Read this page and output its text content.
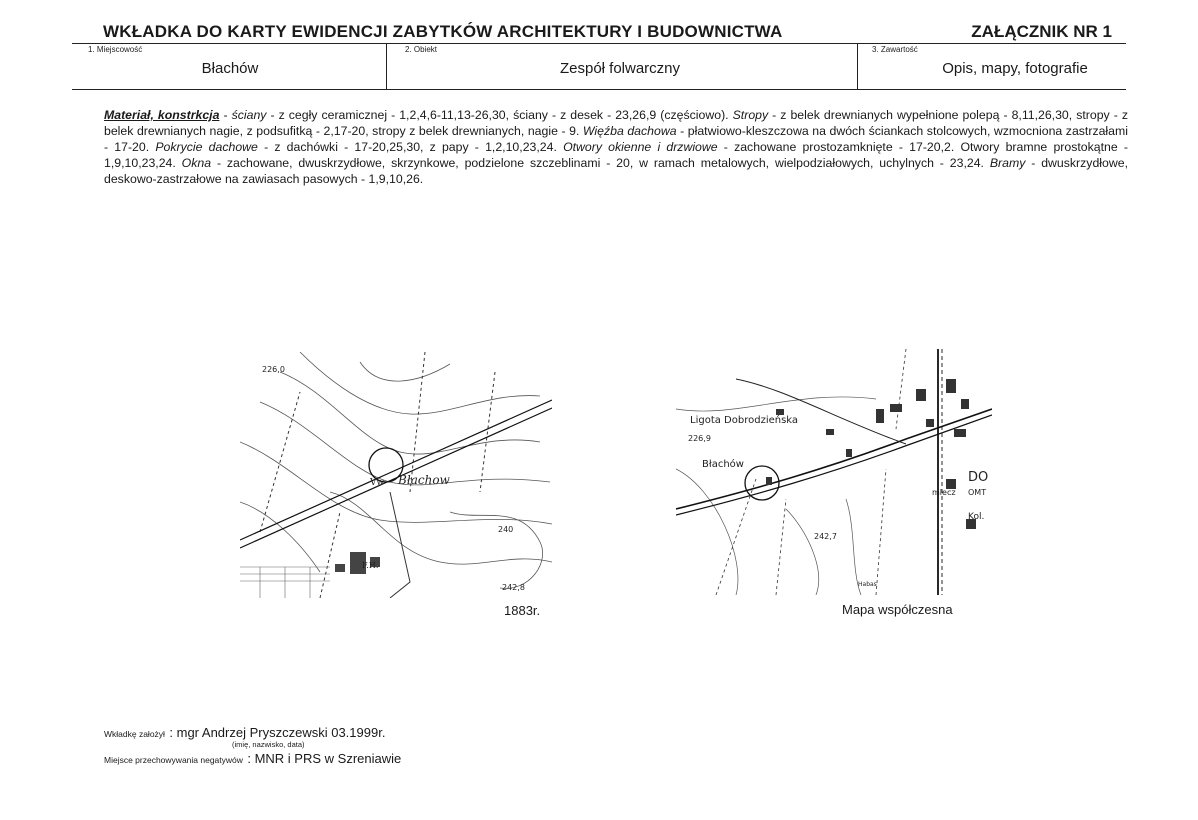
WKŁADKA DO KARTY EWIDENCJI ZABYTKÓW ARCHITEKTURY I BUDOWNICTWA	ZAŁĄCZNIK NR 1
1. Miejscowość
Błachów
2. Obiekt
Zespół folwarczny
3. Zawartość
Opis, mapy, fotografie
Materiał, konstrkcja - ściany - z cegły ceramicznej - 1,2,4,6-11,13-26,30, ściany - z desek - 23,26,9 (częściowo). Stropy - z belek drewnianych wypełnione polepą - 8,11,26,30, stropy - z belek drewnianych nagie, z podsufitką - 2,17-20, stropy z belek drewnianych, nagie - 9. Więźba dachowa - płatwiowo-kleszczowa na dwóch ściankach stolcowych, wzmocniona zastrzałami - 17-20. Pokrycie dachowe - z dachówki - 17-20,25,30, z papy - 1,2,10,23,24. Otwory okienne i drzwiowe - zachowane prostozamknięte - 17-20,2. Otwory bramne prostokątne - 1,9,10,23,24. Okna - zachowane, dwuskrzydłowe, skrzynkowe, podzielone szczeblinami - 20, w ramach metalowych, wielpodziałowych, uchylnych - 23,24. Bramy - dwuskrzydłowe, deskowo-zastrzałowe na zawiasach pasowych - 1,9,10,26.
Vw Błachow
226,0
240
242,8
F.H.
1883r.
Ligota Dobrodzieńska
Błachów
226,9
242,7
Habas
DO
OMT
mlecz
Kol.
Mapa współczesna
Wkładkę założył : mgr Andrzej Pryszczewski 03.1999r.
(imię, nazwisko, data)
Miejsce przechowywania negatywów : MNR i PRS w Szreniawie
